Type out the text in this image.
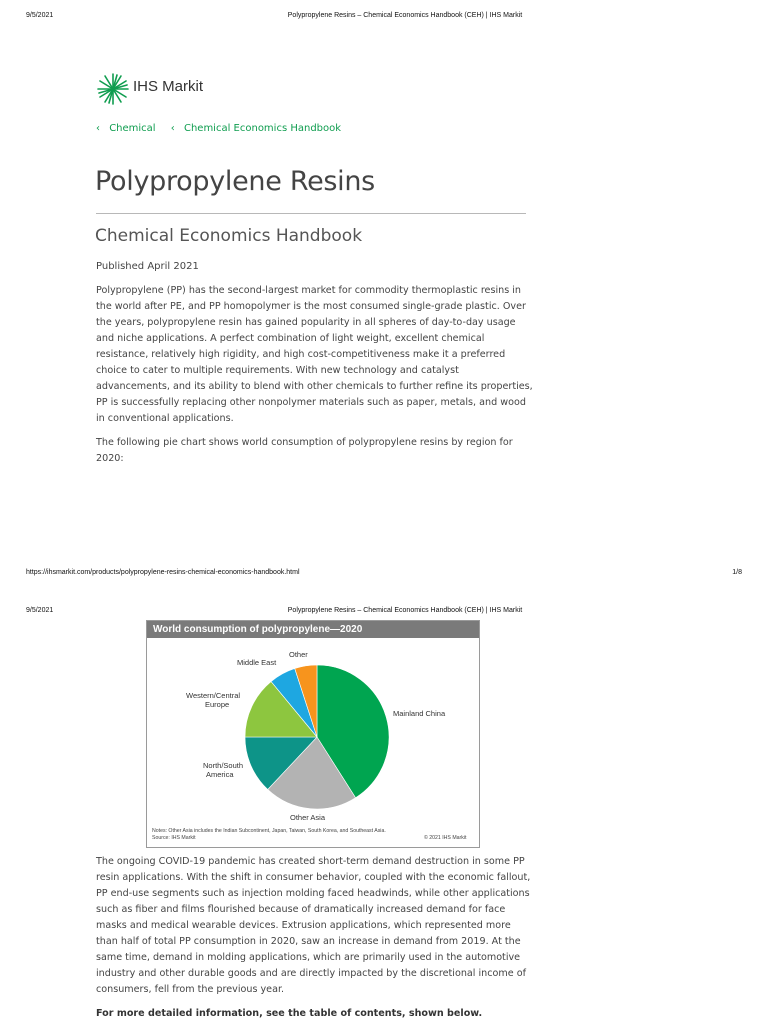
9/5/2021	Polypropylene Resins – Chemical Economics Handbook (CEH) | IHS Markit
IHS Markit
‹ Chemical ‹ Chemical Economics Handbook
Polypropylene Resins
Chemical Economics Handbook
Published April 2021

Polypropylene (PP) has the second-largest market for commodity thermoplastic resins in the world after PE, and PP homopolymer is the most consumed single-grade plastic. Over the years, polypropylene resin has gained popularity in all spheres of day-to-day usage and niche applications. A perfect combination of light weight, excellent chemical resistance, relatively high rigidity, and high cost-competitiveness make it a preferred choice to cater to multiple requirements. With new technology and catalyst advancements, and its ability to blend with other chemicals to further refine its properties, PP is successfully replacing other nonpolymer materials such as paper, metals, and wood in conventional applications.

The following pie chart shows world consumption of polypropylene resins by region for 2020:

https://ihsmarkit.com/products/polypropylene-resins-chemical-economics-handbook.html	1/8
9/5/2021	Polypropylene Resins – Chemical Economics Handbook (CEH) | IHS Markit
World consumption of polypropylene—2020
Mainland China
Other Asia
North/South
America
Western/Central
Europe
Middle East
Other
Notes: Other Asia includes the Indian Subcontinent, Japan, Taiwan, South Korea, and Southeast Asia.
Source: IHS Markit	© 2021 IHS Markit

The ongoing COVID-19 pandemic has created short-term demand destruction in some PP resin applications. With the shift in consumer behavior, coupled with the economic fallout, PP end-use segments such as injection molding faced headwinds, while other applications such as fiber and films flourished because of dramatically increased demand for face masks and medical wearable devices. Extrusion applications, which represented more than half of total PP consumption in 2020, saw an increase in demand from 2019. At the same time, demand in molding applications, which are primarily used in the automotive industry and other durable goods and are directly impacted by the discretional income of consumers, fell from the previous year.

For more detailed information, see the table of contents, shown below.
